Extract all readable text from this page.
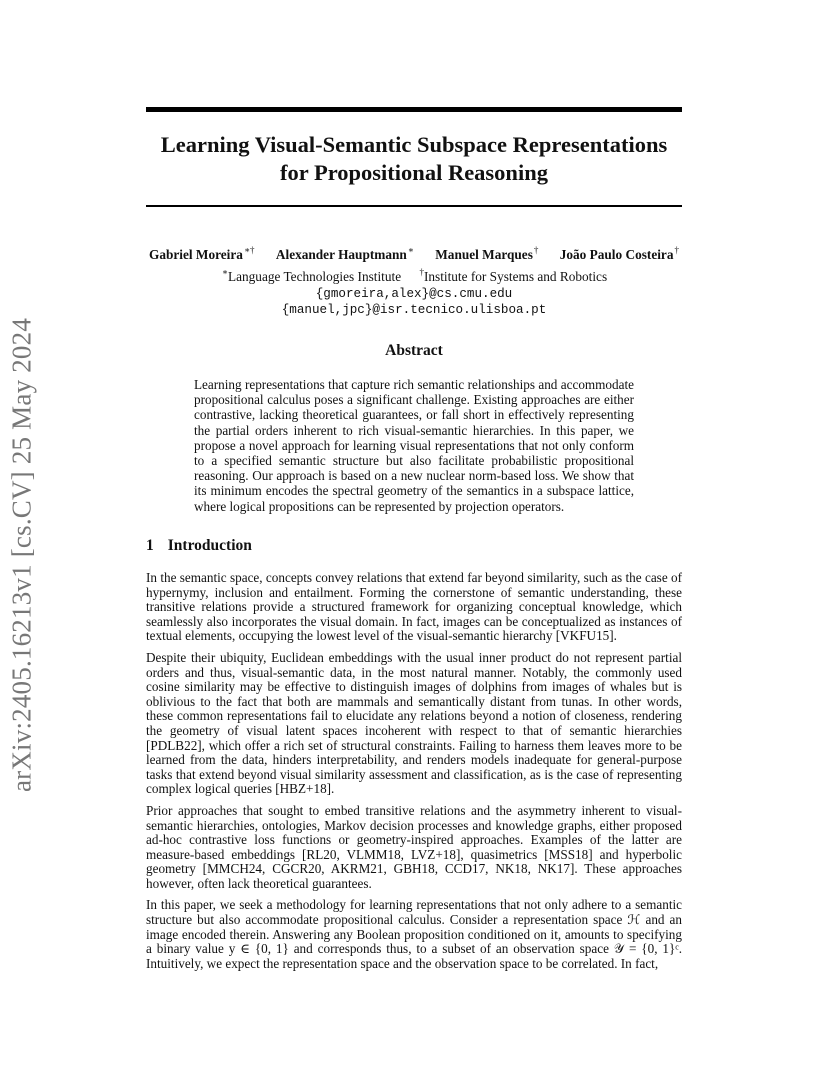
arXiv:2405.16213v1 [cs.CV] 25 May 2024
Learning Visual-Semantic Subspace Representations
for Propositional Reasoning
Gabriel Moreira∗† Alexander Hauptmann∗ Manuel Marques† João Paulo Costeira†
∗Language Technologies Institute †Institute for Systems and Robotics
{gmoreira,alex}@cs.cmu.edu
{manuel,jpc}@isr.tecnico.ulisboa.pt
Abstract

Learning representations that capture rich semantic relationships and accommodate propositional calculus poses a significant challenge. Existing approaches are either contrastive, lacking theoretical guarantees, or fall short in effectively representing the partial orders inherent to rich visual-semantic hierarchies. In this paper, we propose a novel approach for learning visual representations that not only conform to a specified semantic structure but also facilitate probabilistic propositional reasoning. Our approach is based on a new nuclear norm-based loss. We show that its minimum encodes the spectral geometry of the semantics in a subspace lattice, where logical propositions can be represented by projection operators.

1 Introduction

In the semantic space, concepts convey relations that extend far beyond similarity, such as the case of hypernymy, inclusion and entailment. Forming the cornerstone of semantic understanding, these transitive relations provide a structured framework for organizing conceptual knowledge, which seamlessly also incorporates the visual domain. In fact, images can be conceptualized as instances of textual elements, occupying the lowest level of the visual-semantic hierarchy [VKFU15].

Despite their ubiquity, Euclidean embeddings with the usual inner product do not represent partial orders and thus, visual-semantic data, in the most natural manner. Notably, the commonly used cosine similarity may be effective to distinguish images of dolphins from images of whales but is oblivious to the fact that both are mammals and semantically distant from tunas. In other words, these common representations fail to elucidate any relations beyond a notion of closeness, rendering the geometry of visual latent spaces incoherent with respect to that of semantic hierarchies [PDLB22], which offer a rich set of structural constraints. Failing to harness them leaves more to be learned from the data, hinders interpretability, and renders models inadequate for general-purpose tasks that extend beyond visual similarity assessment and classification, as is the case of representing complex logical queries [HBZ+18].

Prior approaches that sought to embed transitive relations and the asymmetry inherent to visual-semantic hierarchies, ontologies, Markov decision processes and knowledge graphs, either proposed ad-hoc contrastive loss functions or geometry-inspired approaches. Examples of the latter are measure-based embeddings [RL20, VLMM18, LVZ+18], quasimetrics [MSS18] and hyperbolic geometry [MMCH24, CGCR20, AKRM21, GBH18, CCD17, NK18, NK17]. These approaches however, often lack theoretical guarantees.

In this paper, we seek a methodology for learning representations that not only adhere to a semantic structure but also accommodate propositional calculus. Consider a representation space ℋ and an image encoded therein. Answering any Boolean proposition conditioned on it, amounts to specifying a binary value y ∈ {0, 1} and corresponds thus, to a subset of an observation space 𝒴 = {0, 1}ᶜ. Intuitively, we expect the representation space and the observation space to be correlated. In fact,
